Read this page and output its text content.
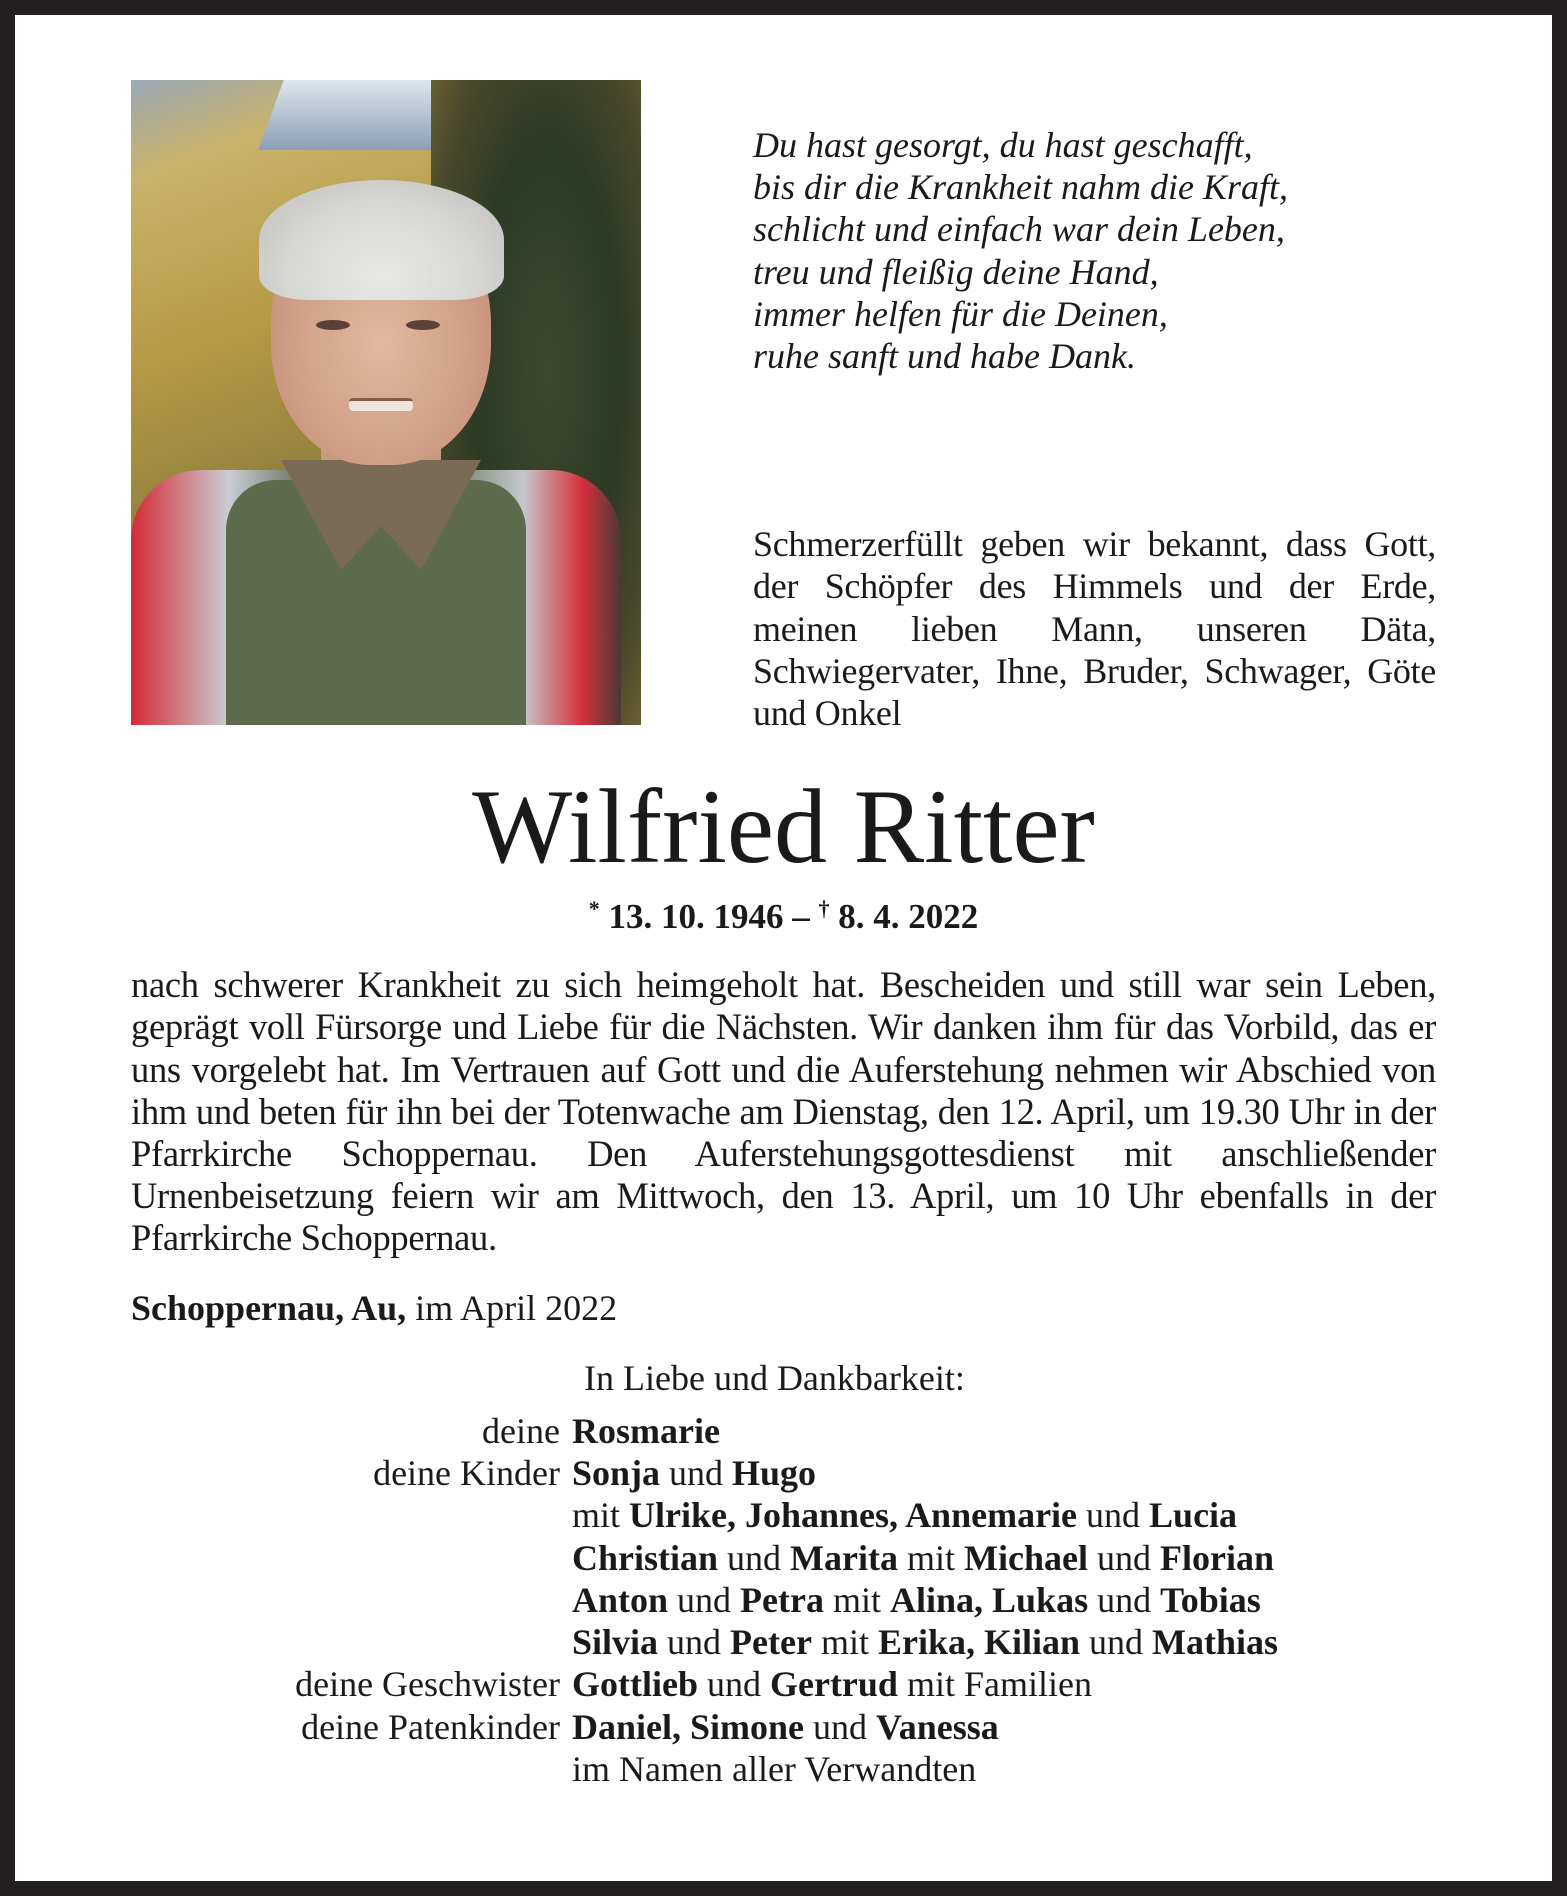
Du hast gesorgt, du hast geschafft,
bis dir die Krankheit nahm die Kraft,
schlicht und einfach war dein Leben,
treu und fleißig deine Hand,
immer helfen für die Deinen,
ruhe sanft und habe Dank.
Schmerzerfüllt geben wir bekannt, dass Gott, der Schöpfer des Himmels und der Erde, meinen lieben Mann, unseren Däta, Schwiegervater, Ihne, Bruder, Schwager, Göte und Onkel
Wilfried Ritter
* 13. 10. 1946 – † 8. 4. 2022
nach schwerer Krankheit zu sich heimgeholt hat. Bescheiden und still war sein Leben, geprägt voll Fürsorge und Liebe für die Nächsten. Wir danken ihm für das Vorbild, das er uns vorgelebt hat. Im Vertrauen auf Gott und die Auferstehung nehmen wir Abschied von ihm und beten für ihn bei der Totenwache am Dienstag, den 12. April, um 19.30 Uhr in der Pfarrkirche Schoppernau. Den Auferstehungsgottesdienst mit anschließender Urnenbeisetzung feiern wir am Mittwoch, den 13. April, um 10 Uhr ebenfalls in der Pfarrkirche Schoppernau.
Schoppernau, Au, im April 2022
In Liebe und Dankbarkeit:
deine Rosmarie
deine Kinder Sonja und Hugo
mit Ulrike, Johannes, Annemarie und Lucia
Christian und Marita mit Michael und Florian
Anton und Petra mit Alina, Lukas und Tobias
Silvia und Peter mit Erika, Kilian und Mathias
deine Geschwister Gottlieb und Gertrud mit Familien
deine Patenkinder Daniel, Simone und Vanessa
im Namen aller Verwandten
